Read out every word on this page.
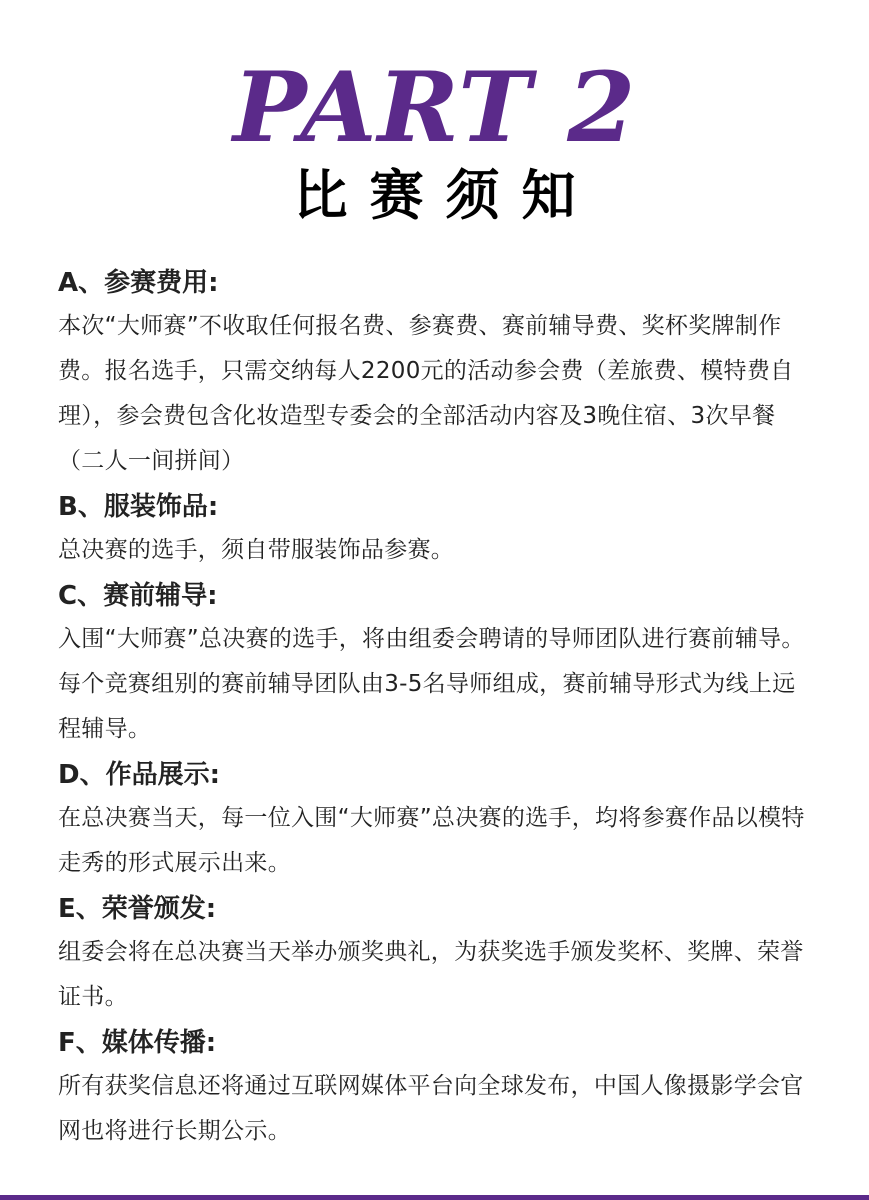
PART 2
比赛须知
A、参赛费用:
本次“大师赛”不收取任何报名费、参赛费、赛前辅导费、奖杯奖牌制作费。报名选手，只需交纳每人2200元的活动参会费（差旅费、模特费自理），参会费包含化妆造型专委会的全部活动内容及3晚住宿、3次早餐（二人一间拼间）
B、服装饰品:
总决赛的选手，须自带服装饰品参赛。
C、赛前辅导:
入围“大师赛”总决赛的选手，将由组委会聘请的导师团队进行赛前辅导。每个竞赛组别的赛前辅导团队由3-5名导师组成，赛前辅导形式为线上远程辅导。
D、作品展示:
在总决赛当天，每一位入围“大师赛”总决赛的选手，均将参赛作品以模特走秀的形式展示出来。
E、荣誉颁发:
组委会将在总决赛当天举办颁奖典礼，为获奖选手颁发奖杯、奖牌、荣誉证书。
F、媒体传播:
所有获奖信息还将通过互联网媒体平台向全球发布，中国人像摄影学会官网也将进行长期公示。
